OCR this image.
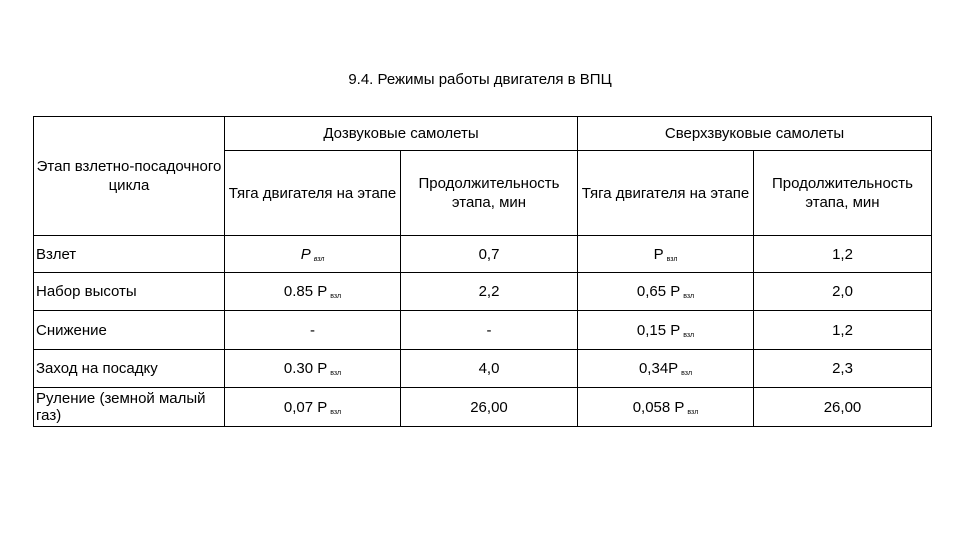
9.4. Режимы работы двигателя в ВПЦ
Этап взлетно-посадочного цикла	Дозвуковые самолеты		Сверхзвуковые самолеты	
	Тяга двигателя на этапе	Продолжительность этапа, мин	Тяга двигателя на этапе	Продолжительность этапа, мин
Взлет	P $_{взл}$	0,7	P $_{взл}$	1,2
Набор высоты	0.85 P $_{взл}$	2,2	0,65 P $_{взл}$	2,0
Снижение	-	-	0,15 P $_{взл}$	1,2
Заход на посадку	0.30 P $_{взл}$	4,0	0,34P $_{взл}$	2,3

Руление (земной малый газ)	0,07 P $_{взл}$	26,00	0,058 P $_{взл}$	26,00
